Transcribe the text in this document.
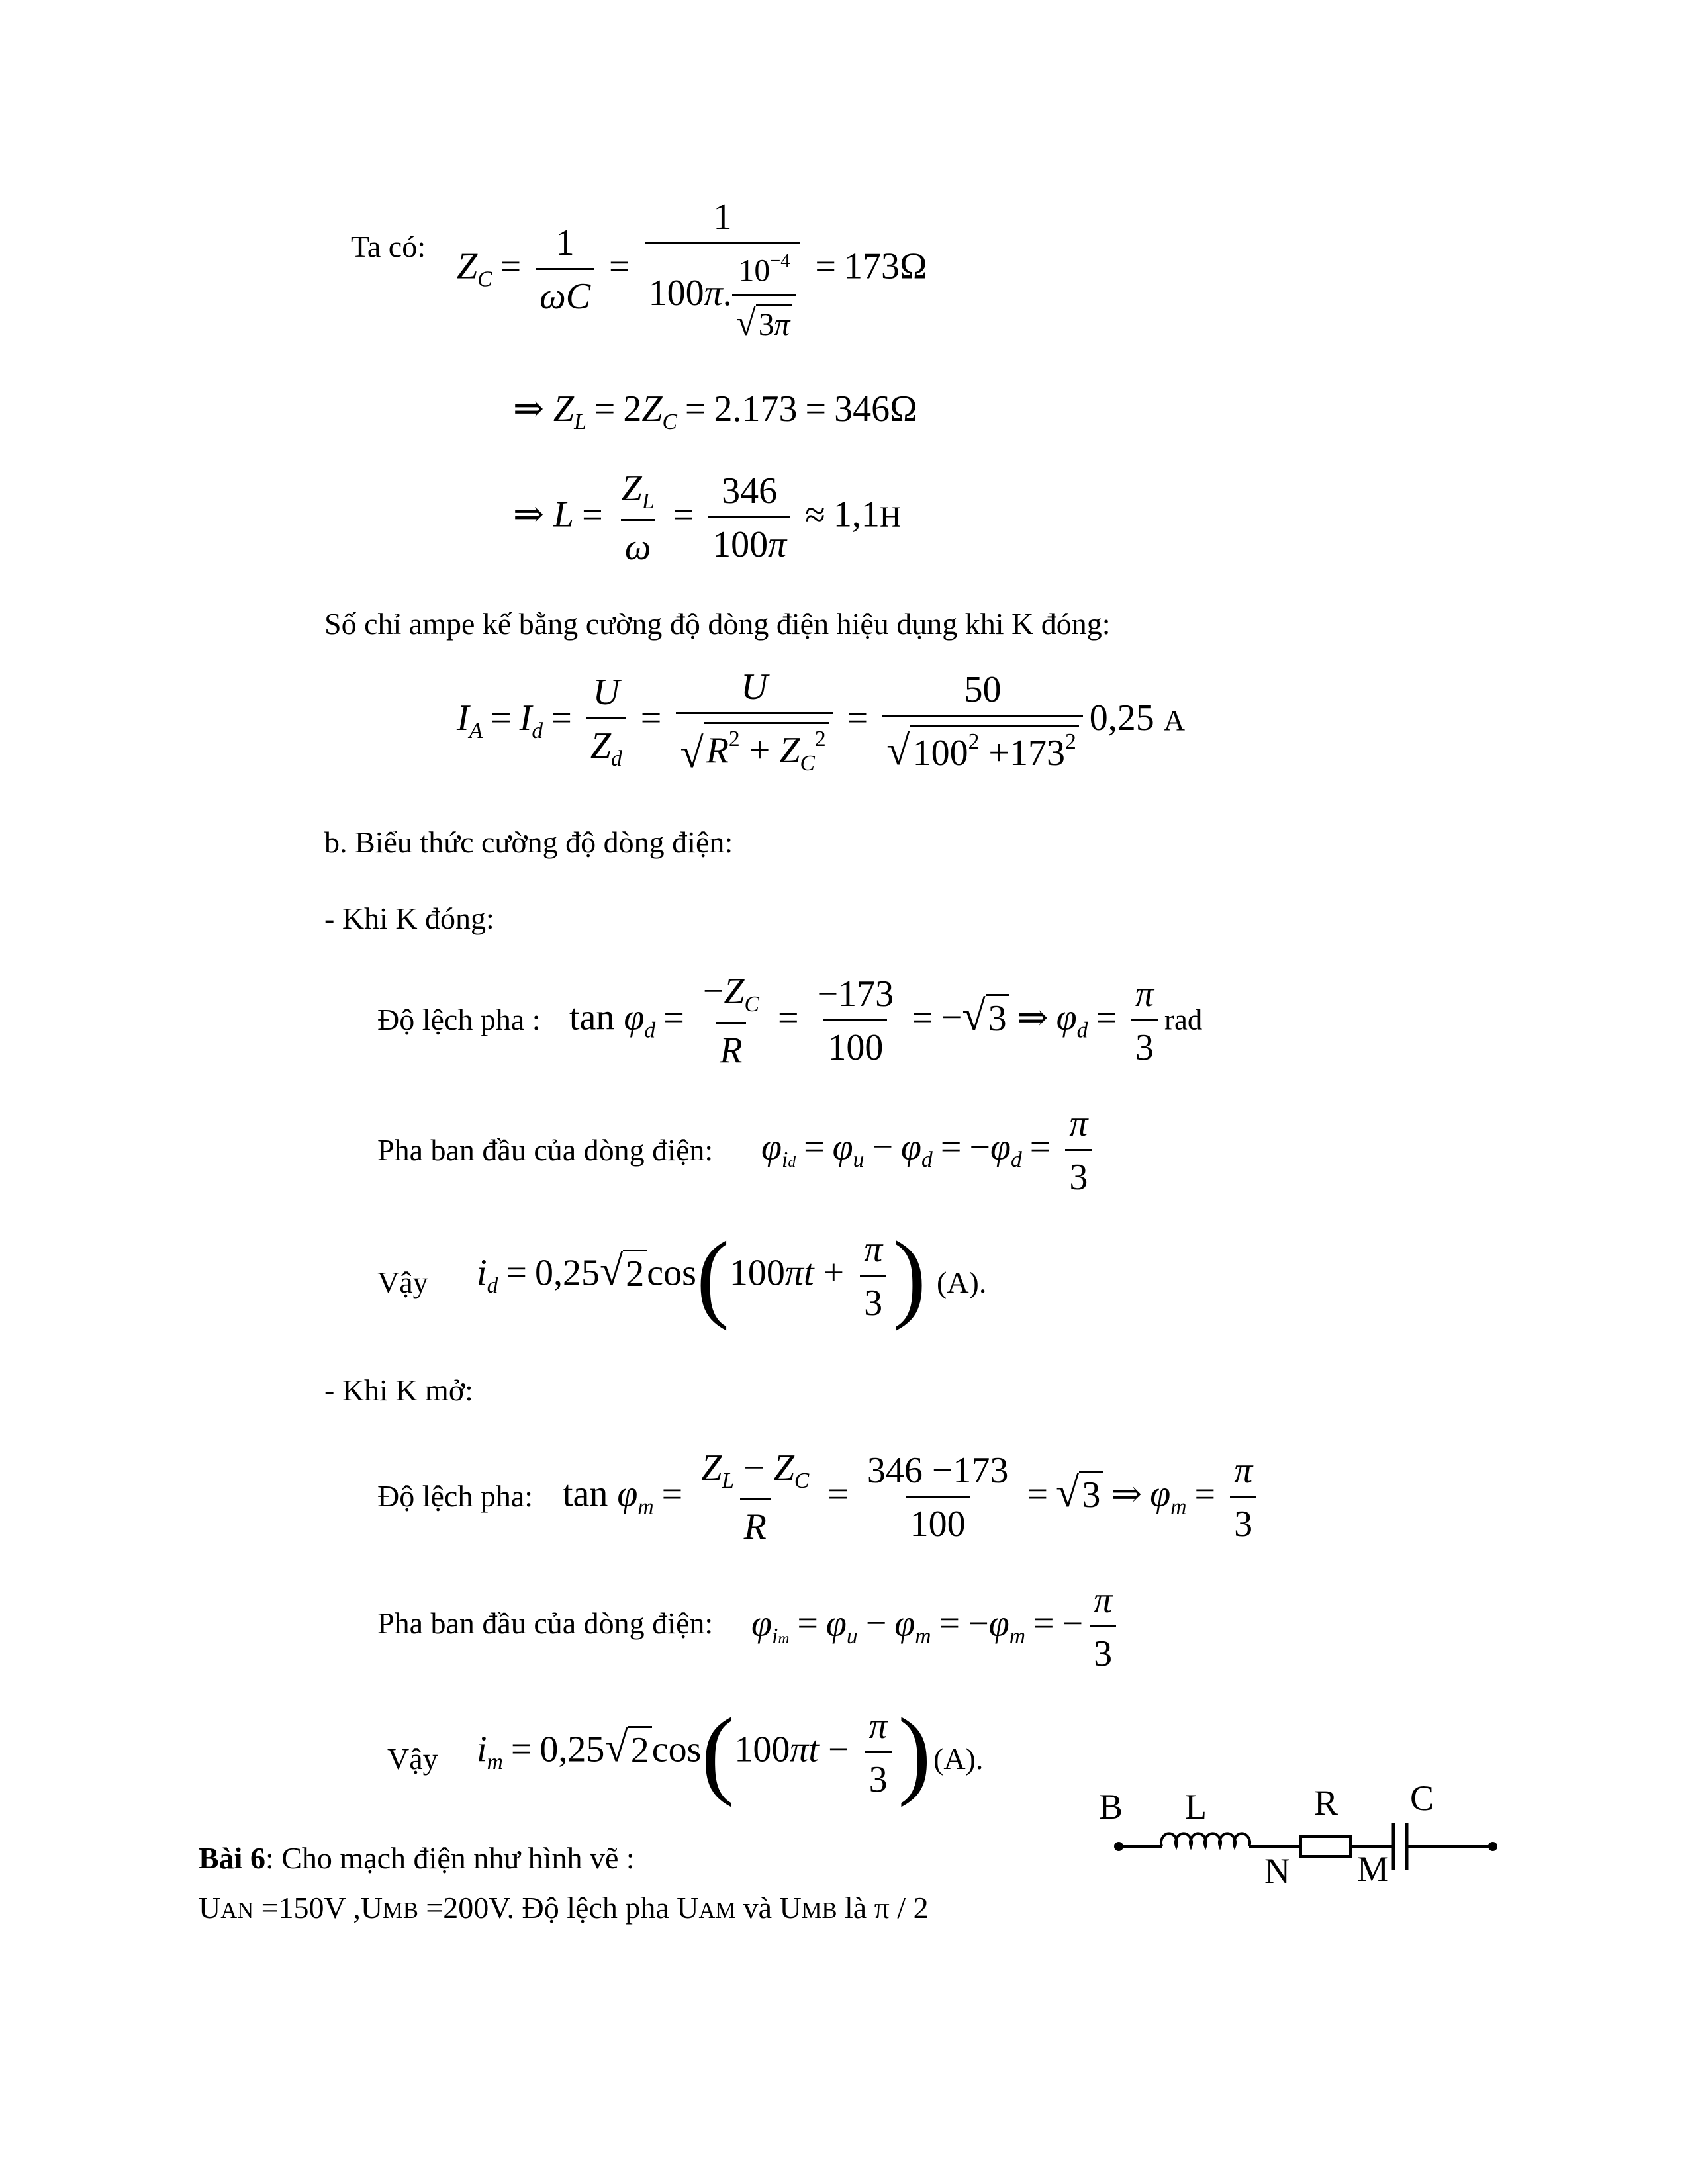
Ta có: $Z_C = \frac{1}{\omega C} = \frac{1}{100\pi. \frac{10^{-4}}{√ 3\pi}} = 173\Omega$
⇒ $Z_L = 2Z_C = 2.173 = 346\Omega$
⇒ $L = \frac{Z_L}{\omega} = \frac{346}{100\pi} \approx 1,1H$
Số chỉ ampe kế bằng cường độ dòng điện hiệu dụng khi K đóng:
$I_A = I_d = \frac{U}{Z_d} = \frac{U}{√ R^2 + Z_C^2} = \frac{50}{√ 100^2 +173^2} 0,25$ A
b. Biểu thức cường độ dòng điện:
- Khi K đóng:
Độ lệch pha : $\tan \varphi_d = \frac{-Z_C}{R} = \frac{-173}{100}$ = − √ 3 ⇒ $\varphi_d = \frac{\pi}{3}$ rad
Pha ban đầu của dòng điện: $\varphi_{id} = \varphi_u - \varphi_d = -\varphi_d = \frac{\pi}{3}$
Vậy $i_d = 0,25$ √ 2 $\cos(100\pi t + \frac{\pi}{3}$ ) (A).
- Khi K mở:
Độ lệch pha: $\tan \varphi_m = \frac{Z_L - Z_C}{R} = \frac{346 -173}{100}$ = √ 3 ⇒ $\varphi_m = \frac{\pi}{3}$
Pha ban đầu của dòng điện: $\varphi_{im} = \varphi_u - \varphi_m = -\varphi_m$ = − $\frac{\pi}{3}$
Vậy $i_m = 0,25$ √ 2 $\cos(100\pi t - \frac{\pi}{3}$ ) (A).
Bài 6: Cho mạch điện như hình vẽ :
UAN =150V ,UMB =200V. Độ lệch pha UAM và UMB là π / 2
B L	R C
N M
